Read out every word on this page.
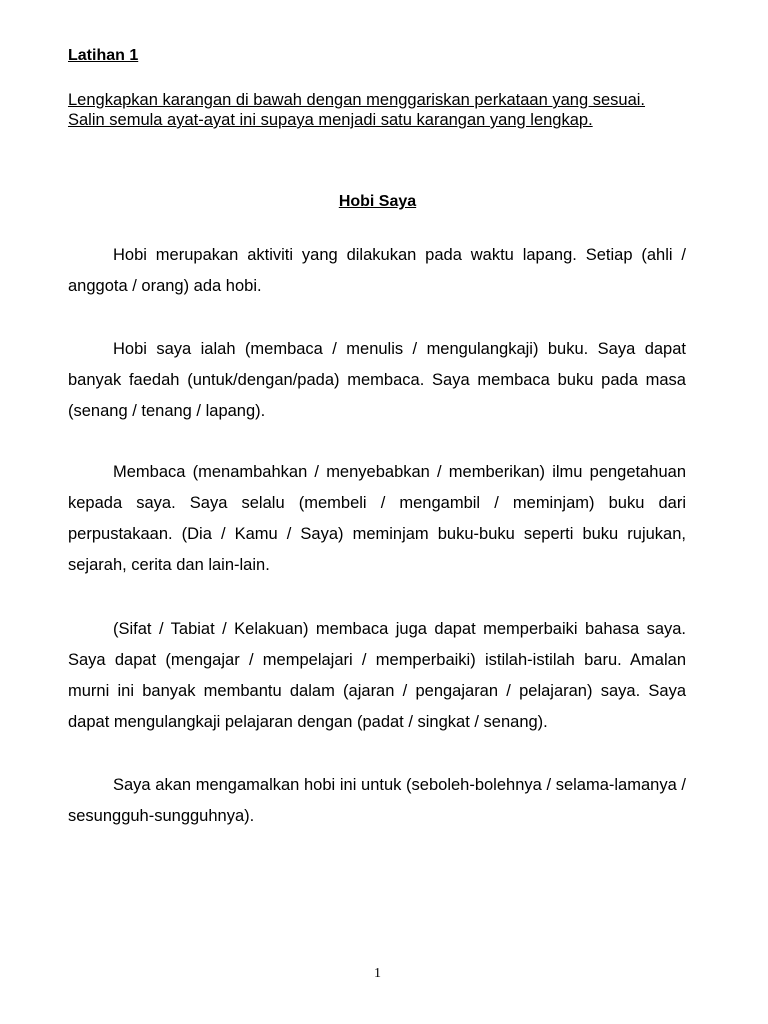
Latihan 1

Lengkapkan karangan di bawah dengan menggariskan perkataan yang sesuai.
Salin semula ayat-ayat ini supaya menjadi satu karangan yang lengkap.

Hobi Saya

Hobi merupakan aktiviti yang dilakukan pada waktu lapang. Setiap (ahli / anggota / orang) ada hobi.

Hobi saya ialah (membaca / menulis / mengulangkaji) buku. Saya dapat banyak faedah (untuk/dengan/pada) membaca. Saya membaca buku pada masa (senang / tenang / lapang).

Membaca (menambahkan / menyebabkan / memberikan) ilmu pengetahuan kepada saya. Saya selalu (membeli / mengambil / meminjam) buku dari perpustakaan. (Dia / Kamu / Saya) meminjam buku-buku seperti buku rujukan, sejarah, cerita dan lain-lain.

(Sifat / Tabiat / Kelakuan) membaca juga dapat memperbaiki bahasa saya. Saya dapat (mengajar / mempelajari / memperbaiki) istilah-istilah baru. Amalan murni ini banyak membantu dalam (ajaran / pengajaran / pelajaran) saya. Saya dapat mengulangkaji pelajaran dengan (padat / singkat / senang).

Saya akan mengamalkan hobi ini untuk (seboleh-bolehnya / selama-lamanya / sesungguh-sungguhnya).

1
